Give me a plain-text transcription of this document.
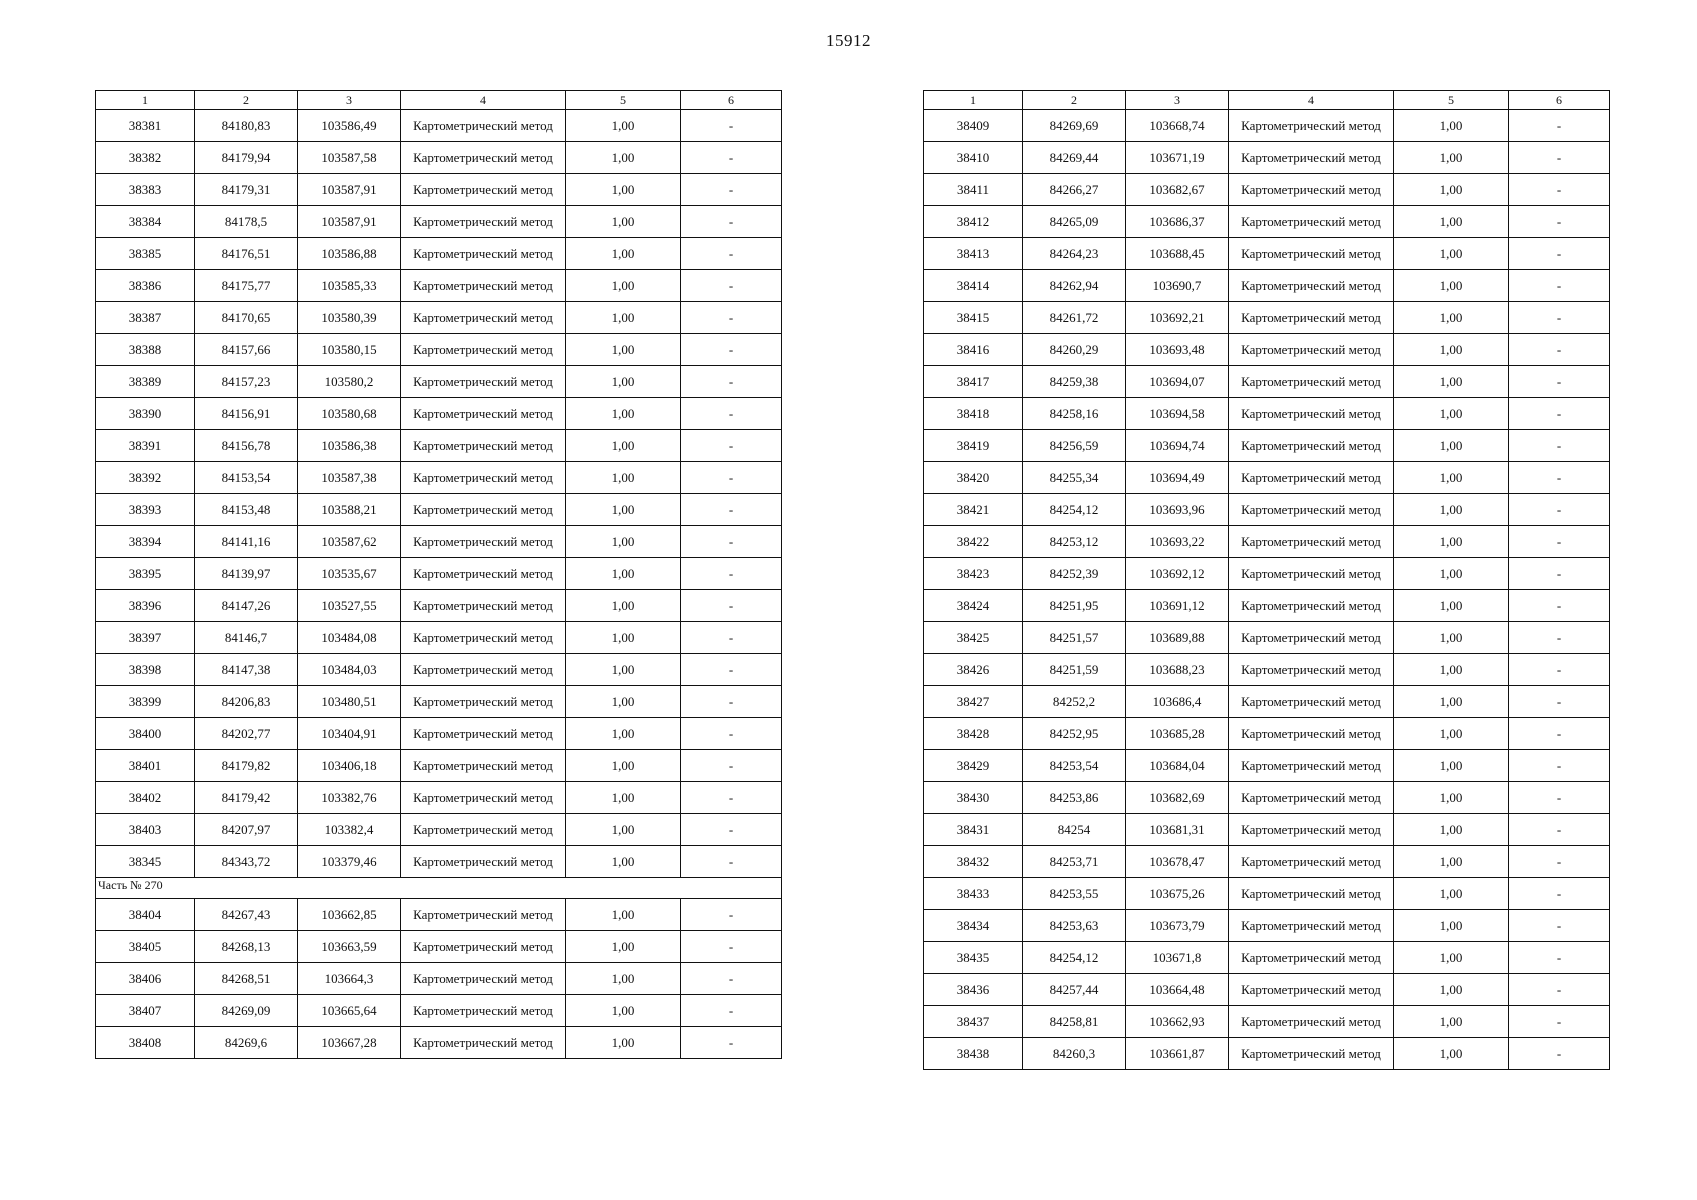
15912
1	2	3	4	5	6
38381	84180,83	103586,49	Картометрический метод	1,00	-
38382	84179,94	103587,58	Картометрический метод	1,00	-
38383	84179,31	103587,91	Картометрический метод	1,00	-
38384	84178,5	103587,91	Картометрический метод	1,00	-
38385	84176,51	103586,88	Картометрический метод	1,00	-
38386	84175,77	103585,33	Картометрический метод	1,00	-
38387	84170,65	103580,39	Картометрический метод	1,00	-
38388	84157,66	103580,15	Картометрический метод	1,00	-
38389	84157,23	103580,2	Картометрический метод	1,00	-
38390	84156,91	103580,68	Картометрический метод	1,00	-
38391	84156,78	103586,38	Картометрический метод	1,00	-
38392	84153,54	103587,38	Картометрический метод	1,00	-
38393	84153,48	103588,21	Картометрический метод	1,00	-
38394	84141,16	103587,62	Картометрический метод	1,00	-
38395	84139,97	103535,67	Картометрический метод	1,00	-
38396	84147,26	103527,55	Картометрический метод	1,00	-
38397	84146,7	103484,08	Картометрический метод	1,00	-
38398	84147,38	103484,03	Картометрический метод	1,00	-
38399	84206,83	103480,51	Картометрический метод	1,00	-
38400	84202,77	103404,91	Картометрический метод	1,00	-
38401	84179,82	103406,18	Картометрический метод	1,00	-
38402	84179,42	103382,76	Картометрический метод	1,00	-
38403	84207,97	103382,4	Картометрический метод	1,00	-
38345	84343,72	103379,46	Картометрический метод	1,00	-
Часть № 270					
38404	84267,43	103662,85	Картометрический метод	1,00	-
38405	84268,13	103663,59	Картометрический метод	1,00	-
38406	84268,51	103664,3	Картометрический метод	1,00	-
38407	84269,09	103665,64	Картометрический метод	1,00	-
38408	84269,6	103667,28	Картометрический метод	1,00	-
1	2	3	4	5	6
38409	84269,69	103668,74	Картометрический метод	1,00	-
38410	84269,44	103671,19	Картометрический метод	1,00	-
38411	84266,27	103682,67	Картометрический метод	1,00	-
38412	84265,09	103686,37	Картометрический метод	1,00	-
38413	84264,23	103688,45	Картометрический метод	1,00	-
38414	84262,94	103690,7	Картометрический метод	1,00	-
38415	84261,72	103692,21	Картометрический метод	1,00	-
38416	84260,29	103693,48	Картометрический метод	1,00	-
38417	84259,38	103694,07	Картометрический метод	1,00	-
38418	84258,16	103694,58	Картометрический метод	1,00	-
38419	84256,59	103694,74	Картометрический метод	1,00	-
38420	84255,34	103694,49	Картометрический метод	1,00	-
38421	84254,12	103693,96	Картометрический метод	1,00	-
38422	84253,12	103693,22	Картометрический метод	1,00	-
38423	84252,39	103692,12	Картометрический метод	1,00	-
38424	84251,95	103691,12	Картометрический метод	1,00	-
38425	84251,57	103689,88	Картометрический метод	1,00	-
38426	84251,59	103688,23	Картометрический метод	1,00	-
38427	84252,2	103686,4	Картометрический метод	1,00	-
38428	84252,95	103685,28	Картометрический метод	1,00	-
38429	84253,54	103684,04	Картометрический метод	1,00	-
38430	84253,86	103682,69	Картометрический метод	1,00	-
38431	84254	103681,31	Картометрический метод	1,00	-
38432	84253,71	103678,47	Картометрический метод	1,00	-
38433	84253,55	103675,26	Картометрический метод	1,00	-
38434	84253,63	103673,79	Картометрический метод	1,00	-
38435	84254,12	103671,8	Картометрический метод	1,00	-
38436	84257,44	103664,48	Картометрический метод	1,00	-
38437	84258,81	103662,93	Картометрический метод	1,00	-
38438	84260,3	103661,87	Картометрический метод	1,00	-
